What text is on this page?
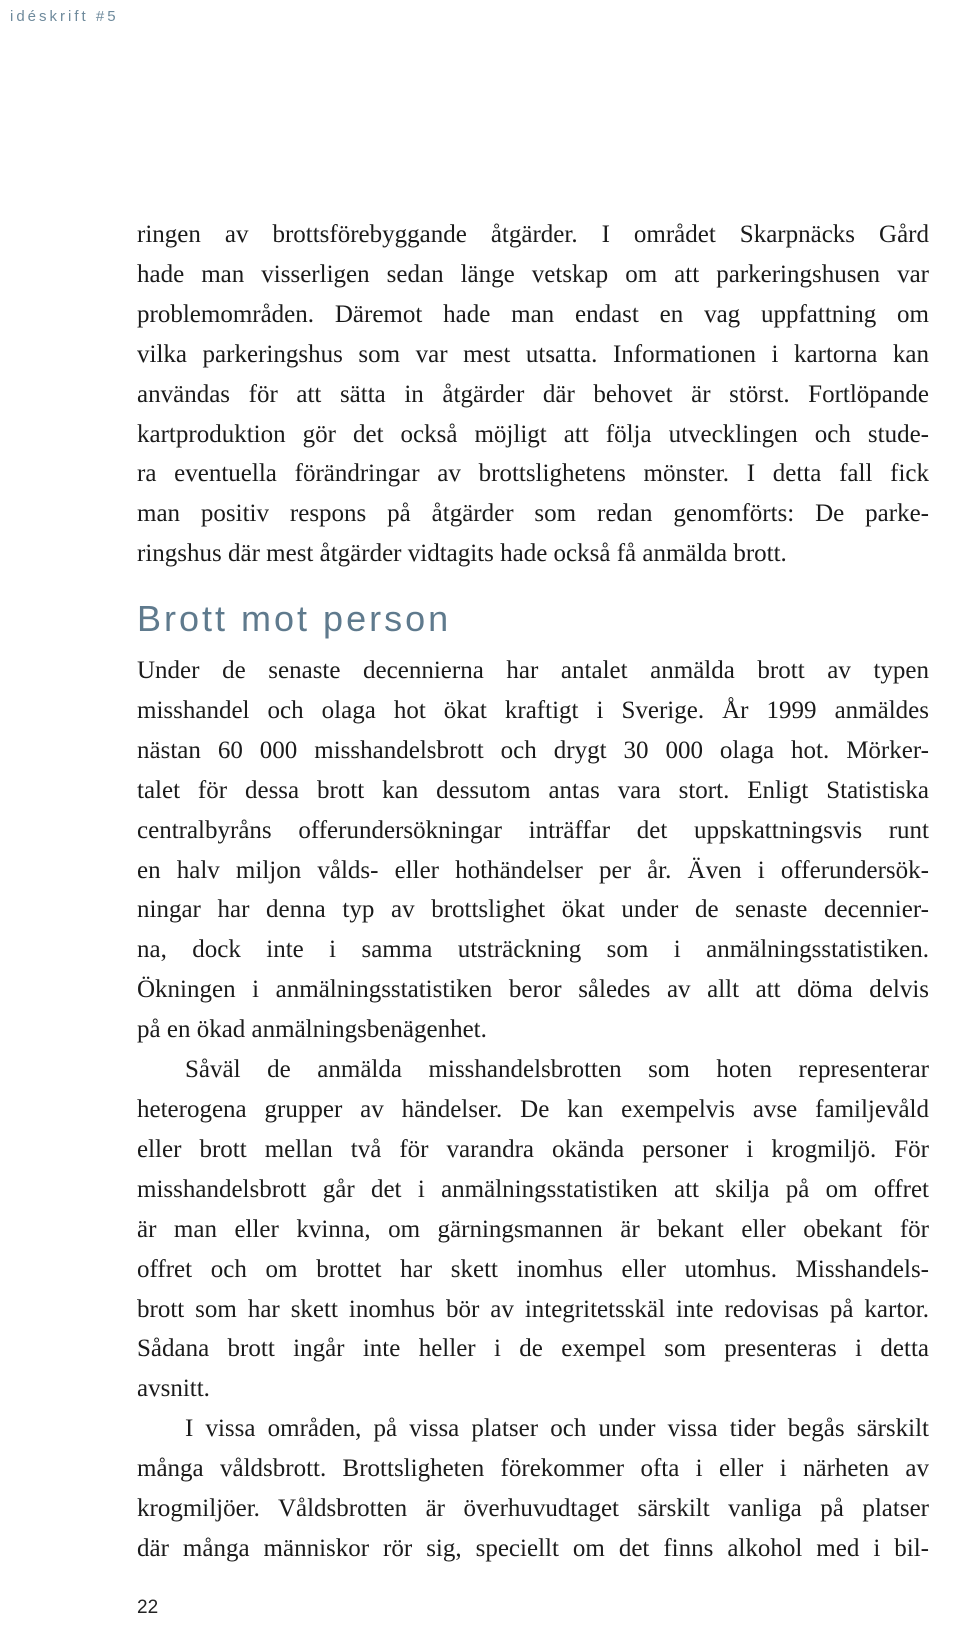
idéskrift #5
ringen av brottsförebyggande åtgärder. I området Skarpnäcks Gård
hade man visserligen sedan länge vetskap om att parkeringshusen var
problemområden. Däremot hade man endast en vag uppfattning om
vilka parkeringshus som var mest utsatta. Informationen i kartorna kan
användas för att sätta in åtgärder där behovet är störst. Fortlöpande
kartproduktion gör det också möjligt att följa utvecklingen och stude-
ra eventuella förändringar av brottslighetens mönster. I detta fall fick
man positiv respons på åtgärder som redan genomförts: De parke-
ringshus där mest åtgärder vidtagits hade också få anmälda brott.
Brott mot person
Under de senaste decennierna har antalet anmälda brott av typen
misshandel och olaga hot ökat kraftigt i Sverige. År 1999 anmäldes
nästan 60 000 misshandelsbrott och drygt 30 000 olaga hot. Mörker-
talet för dessa brott kan dessutom antas vara stort. Enligt Statistiska
centralbyråns offerundersökningar inträffar det uppskattningsvis runt
en halv miljon vålds- eller hothändelser per år. Även i offerundersök-
ningar har denna typ av brottslighet ökat under de senaste decennier-
na, dock inte i samma utsträckning som i anmälningsstatistiken.
Ökningen i anmälningsstatistiken beror således av allt att döma delvis
på en ökad anmälningsbenägenhet.
Såväl de anmälda misshandelsbrotten som hoten representerar
heterogena grupper av händelser. De kan exempelvis avse familjevåld
eller brott mellan två för varandra okända personer i krogmiljö. För
misshandelsbrott går det i anmälningsstatistiken att skilja på om offret
är man eller kvinna, om gärningsmannen är bekant eller obekant för
offret och om brottet har skett inomhus eller utomhus. Misshandels-
brott som har skett inomhus bör av integritetsskäl inte redovisas på kartor.
Sådana brott ingår inte heller i de exempel som presenteras i detta
avsnitt.
I vissa områden, på vissa platser och under vissa tider begås särskilt
många våldsbrott. Brottsligheten förekommer ofta i eller i närheten av
krogmiljöer. Våldsbrotten är överhuvudtaget särskilt vanliga på platser
där många människor rör sig, speciellt om det finns alkohol med i bil-
22
